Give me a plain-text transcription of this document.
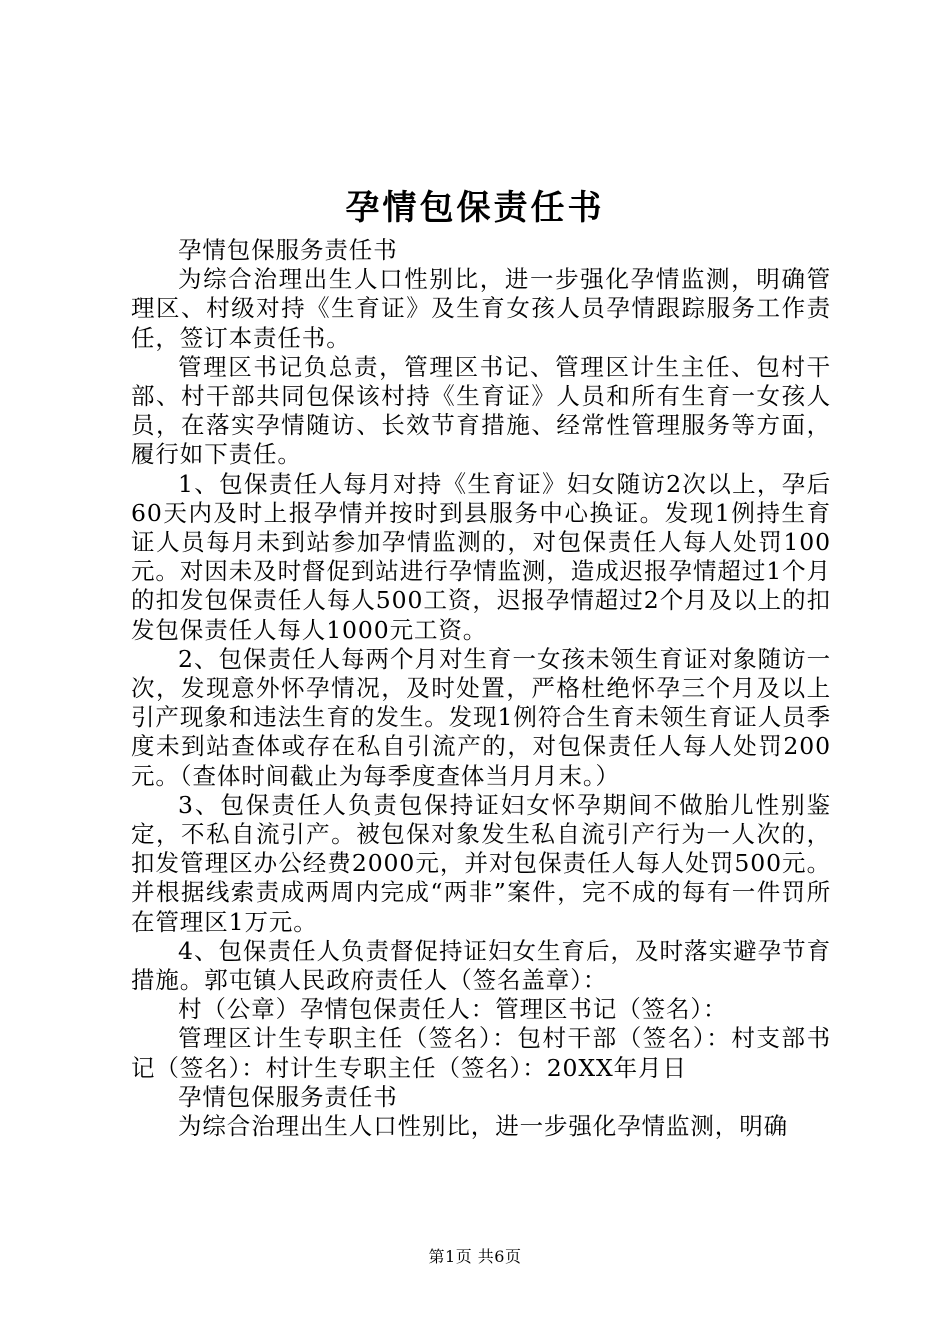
孕情包保责任书

孕情包保服务责任书

为综合治理出生人口性别比，进一步强化孕情监测，明确管理区、村级对持《生育证》及生育女孩人员孕情跟踪服务工作责任，签订本责任书。

管理区书记负总责，管理区书记、管理区计生主任、包村干部、村干部共同包保该村持《生育证》人员和所有生育一女孩人员，在落实孕情随访、长效节育措施、经常性管理服务等方面，履行如下责任。

1、包保责任人每月对持《生育证》妇女随访2次以上，孕后60天内及时上报孕情并按时到县服务中心换证。发现1例持生育证人员每月未到站参加孕情监测的，对包保责任人每人处罚100元。对因未及时督促到站进行孕情监测，造成迟报孕情超过1个月的扣发包保责任人每人500工资，迟报孕情超过2个月及以上的扣发包保责任人每人1000元工资。

2、包保责任人每两个月对生育一女孩未领生育证对象随访一次，发现意外怀孕情况，及时处置，严格杜绝怀孕三个月及以上引产现象和违法生育的发生。发现1例符合生育未领生育证人员季度未到站查体或存在私自引流产的，对包保责任人每人处罚200元。（查体时间截止为每季度查体当月月末。）

3、包保责任人负责包保持证妇女怀孕期间不做胎儿性别鉴定，不私自流引产。被包保对象发生私自流引产行为一人次的，扣发管理区办公经费2000元，并对包保责任人每人处罚500元。并根据线索责成两周内完成“两非”案件，完不成的每有一件罚所在管理区1万元。

4、包保责任人负责督促持证妇女生育后，及时落实避孕节育措施。郭屯镇人民政府责任人（签名盖章）：

村（公章）孕情包保责任人：管理区书记（签名）：

管理区计生专职主任（签名）：包村干部（签名）：村支部书记（签名）：村计生专职主任（签名）：20XX年月日

孕情包保服务责任书

为综合治理出生人口性别比，进一步强化孕情监测，明确

第1页 共6页
